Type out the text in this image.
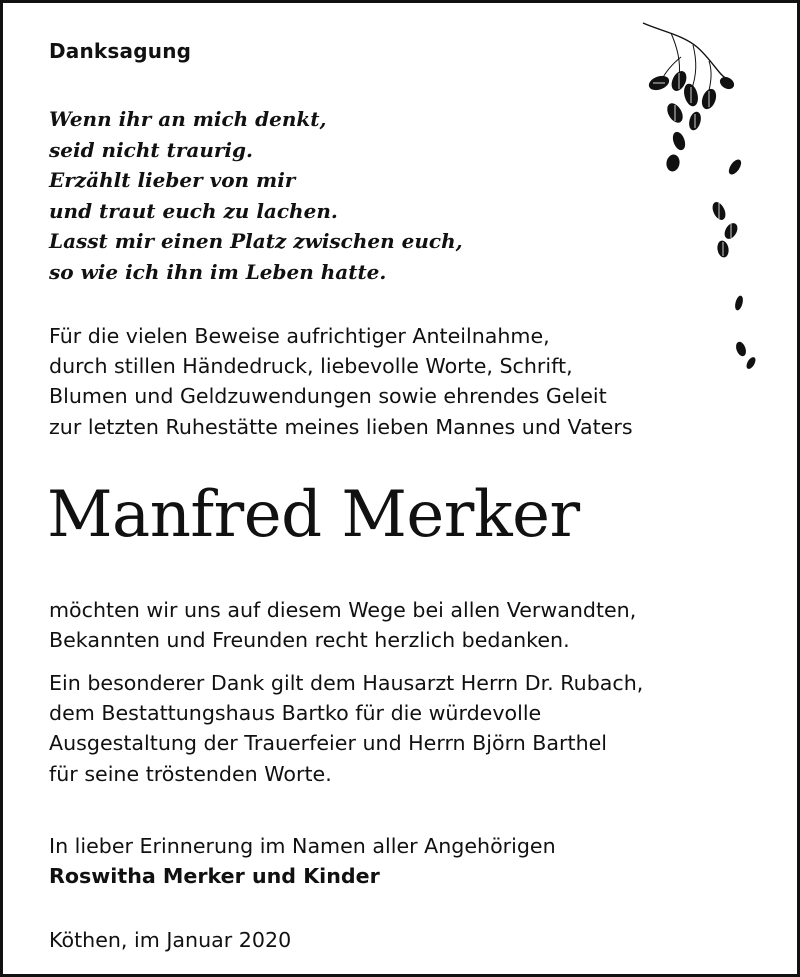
Danksagung
Wenn ihr an mich denkt,
seid nicht traurig.
Erzählt lieber von mir
und traut euch zu lachen.
Lasst mir einen Platz zwischen euch,
so wie ich ihn im Leben hatte.
Für die vielen Beweise aufrichtiger Anteilnahme,
durch stillen Händedruck, liebevolle Worte, Schrift,
Blumen und Geldzuwendungen sowie ehrendes Geleit
zur letzten Ruhestätte meines lieben Mannes und Vaters
Manfred Merker
möchten wir uns auf diesem Wege bei allen Verwandten,
Bekannten und Freunden recht herzlich bedanken.
Ein besonderer Dank gilt dem Hausarzt Herrn Dr. Rubach,
dem Bestattungshaus Bartko für die würdevolle
Ausgestaltung der Trauerfeier und Herrn Björn Barthel
für seine tröstenden Worte.
In lieber Erinnerung im Namen aller Angehörigen
Roswitha Merker und Kinder
Köthen, im Januar 2020
